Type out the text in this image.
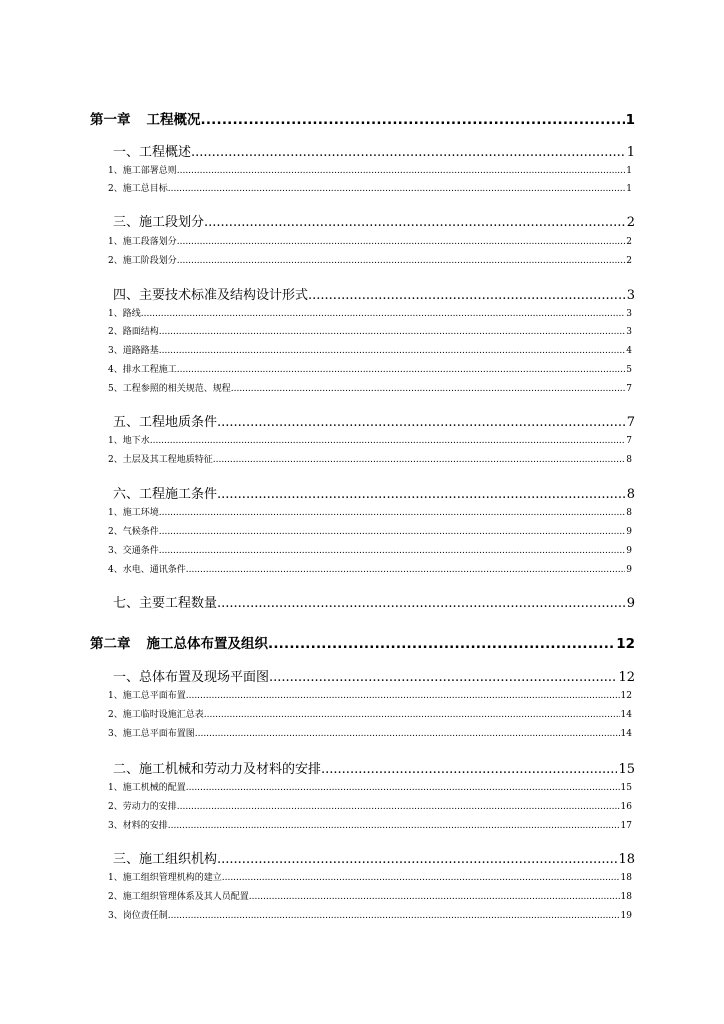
第一章 工程概况 .....	1
一、工程概述 .....	1
1、施工部署总则 .....	1
2、施工总目标 .....	1
三、施工段划分 .....	2
1、施工段落划分 .....	2
2、施工阶段划分 .....	2
四、主要技术标准及结构设计形式 .....	3
1、路线 .....	3
2、路面结构 .....	3
3、道路路基 .....	4
4、排水工程施工 .....	5
5、工程参照的相关规范、规程 .....	7
五、工程地质条件 .....	7
1、地下水 .....	7
2、土层及其工程地质特征 .....	8
六、工程施工条件 .....	8
1、施工环境 .....	8
2、气候条件 .....	9
3、交通条件 .....	9
4、水电、通讯条件 .....	9
七、主要工程数量 .....	9
第二章 施工总体布置及组织 .....	12
一、总体布置及现场平面图 .....	12
1、施工总平面布置 .....	12
2、施工临时设施汇总表 .....	14
3、施工总平面布置图 .....	14
二、施工机械和劳动力及材料的安排 .....	15
1、施工机械的配置 .....	15
2、劳动力的安排 .....	16
3、材料的安排 .....	17
三、施工组织机构 .....	18
1、施工组织管理机构的建立 .....	18
2、施工组织管理体系及其人员配置 .....	18
3、岗位责任制 .....	19
